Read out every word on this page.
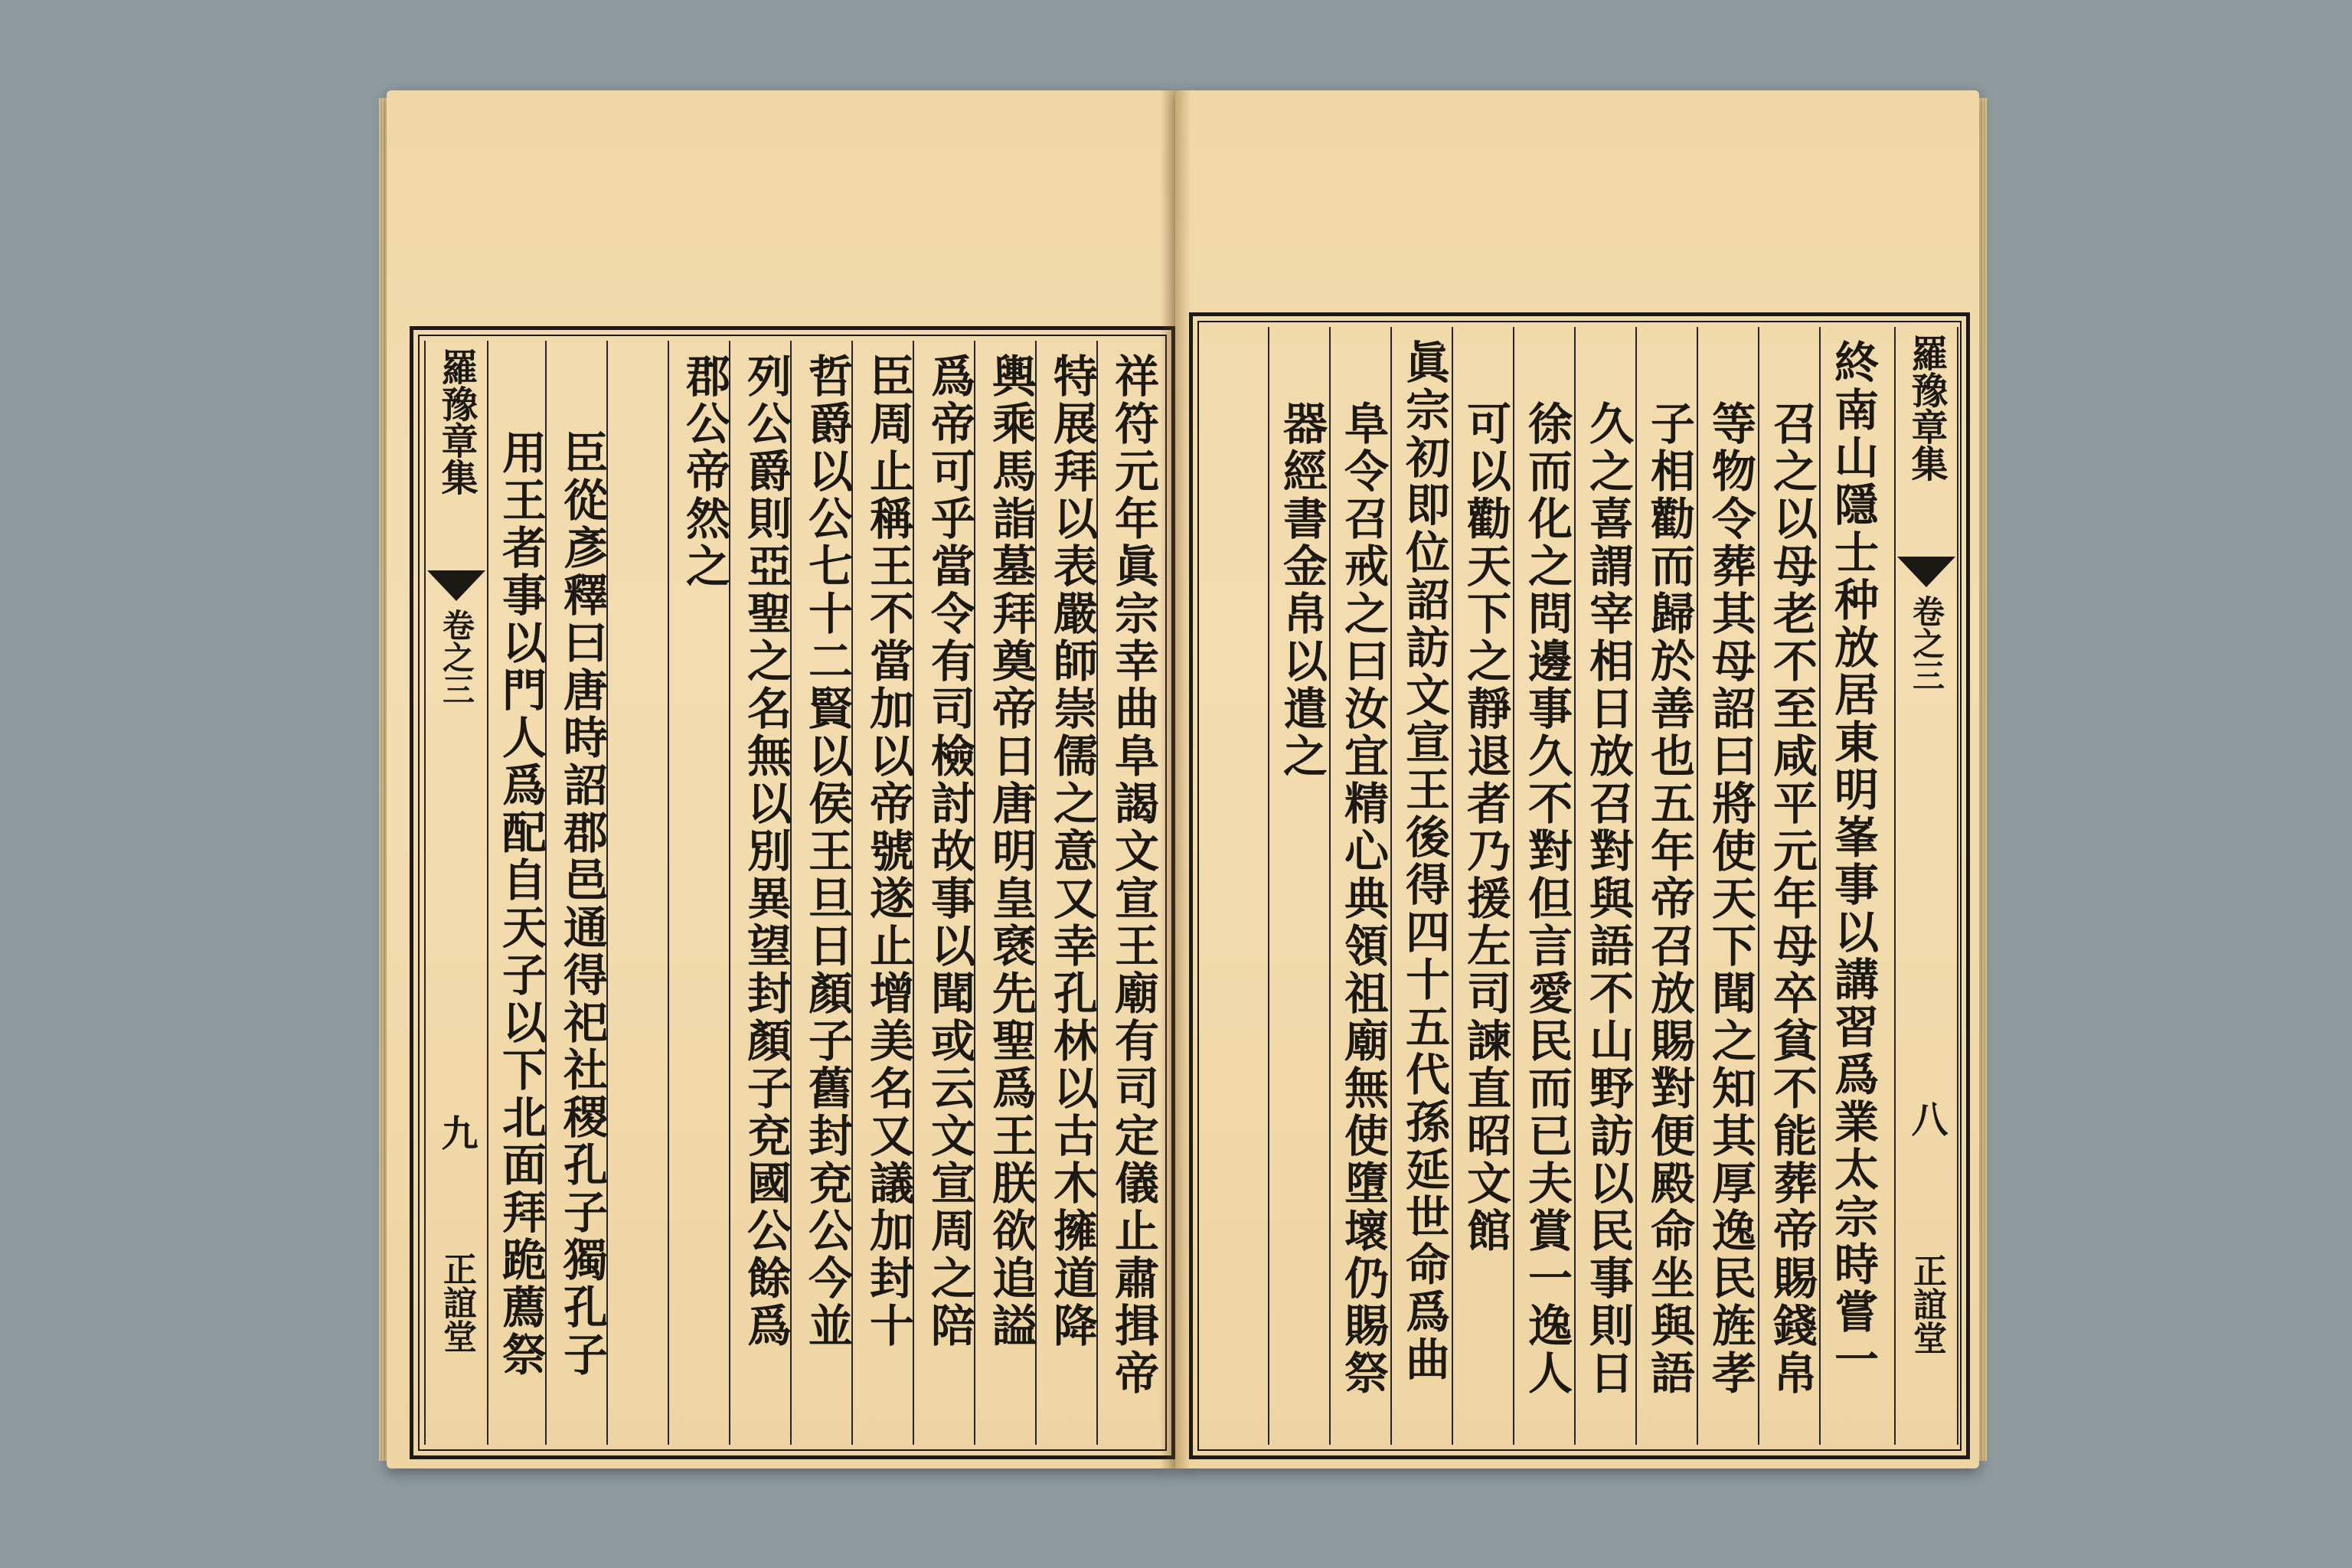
羅豫章集
卷之三
九
正誼堂	祥符元年眞宗幸曲阜謁文宣王廟有司定儀止肅揖帝
特展拜以表嚴師崇儒之意又幸孔林以古木擁道降
輿乘馬詣墓拜奠帝日唐明皇褎先聖爲王朕欲追謚
爲帝可乎當令有司檢討故事以聞或云文宣周之陪
臣周止稱王不當加以帝號遂止增美名又議加封十
哲爵以公七十二賢以侯王旦日顏子舊封兗公今並
列公爵則亞聖之名無以別異望封顏子兗國公餘爲
郡公帝然之
臣從彥釋曰唐時詔郡邑通得祀社稷孔子獨孔子
用王者事以門人爲配自天子以下北面拜跪薦祭
羅豫章集
卷之三
八
正誼堂
終南山隱士种放居東明峯事以講習爲業太宗時嘗一
召之以母老不至咸平元年母卒貧不能葬帝賜錢帛
等物令葬其母詔曰將使天下聞之知其厚逸民旌孝
子相勸而歸於善也五年帝召放賜對便殿命坐與語
久之喜謂宰相日放召對與語不山野訪以民事則日
徐而化之問邊事久不對但言愛民而已夫賞一逸人
可以勸天下之靜退者乃援左司諫直昭文館
眞宗初即位詔訪文宣王後得四十五代孫延世命爲曲
阜令召戒之曰汝宜精心典領祖廟無使墮壞仍賜祭
器經書金帛以遣之
